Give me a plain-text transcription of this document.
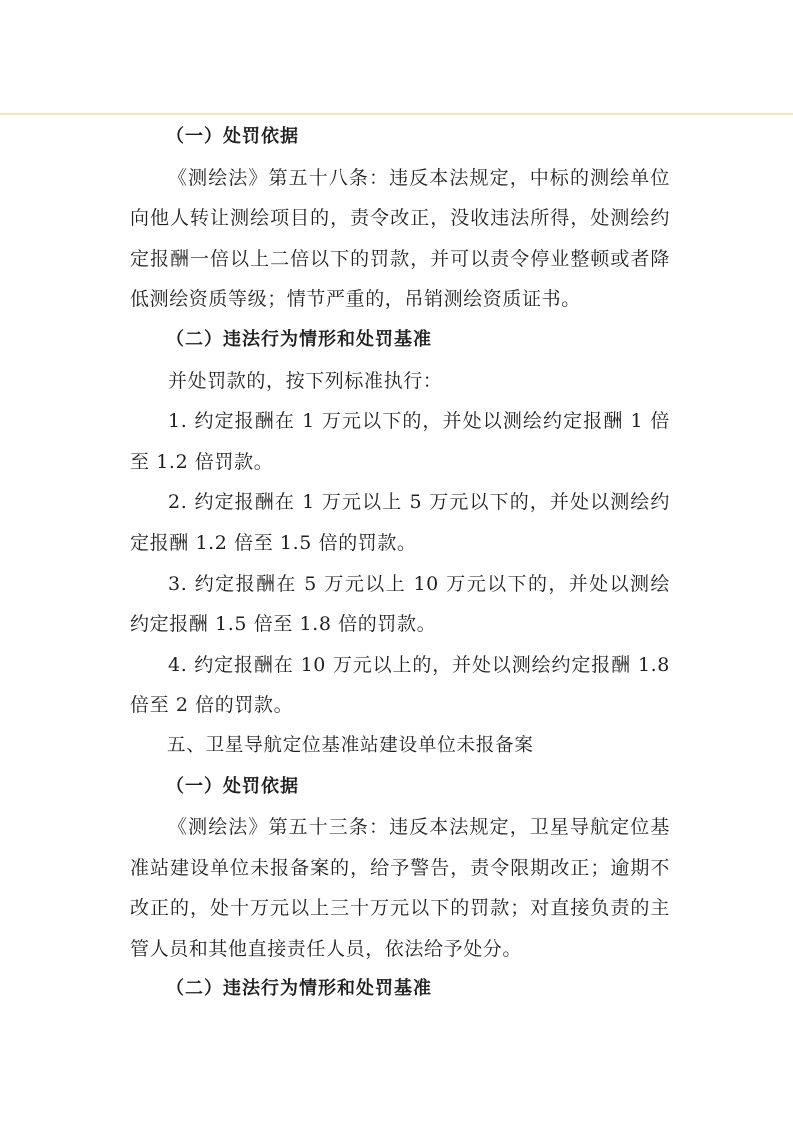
（一）处罚依据

《测绘法》第五十八条：违反本法规定，中标的测绘单位向他人转让测绘项目的，责令改正，没收违法所得，处测绘约定报酬一倍以上二倍以下的罚款，并可以责令停业整顿或者降低测绘资质等级；情节严重的，吊销测绘资质证书。

（二）违法行为情形和处罚基准

并处罚款的，按下列标准执行：

1. 约定报酬在 1 万元以下的，并处以测绘约定报酬 1 倍至 1.2 倍罚款。

2. 约定报酬在 1 万元以上 5 万元以下的，并处以测绘约定报酬 1.2 倍至 1.5 倍的罚款。

3. 约定报酬在 5 万元以上 10 万元以下的，并处以测绘约定报酬 1.5 倍至 1.8 倍的罚款。

4. 约定报酬在 10 万元以上的，并处以测绘约定报酬 1.8 倍至 2 倍的罚款。

五、卫星导航定位基准站建设单位未报备案

（一）处罚依据

《测绘法》第五十三条：违反本法规定，卫星导航定位基准站建设单位未报备案的，给予警告，责令限期改正；逾期不改正的，处十万元以上三十万元以下的罚款；对直接负责的主管人员和其他直接责任人员，依法给予处分。

（二）违法行为情形和处罚基准
